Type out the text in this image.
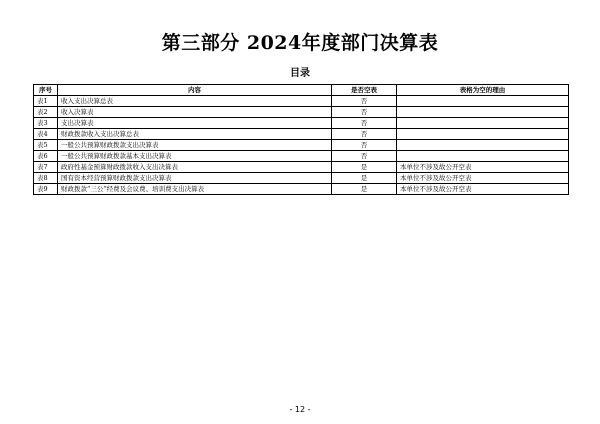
第三部分 2024年度部门决算表
目录
序号	内容	是否空表	表格为空的理由
表1	收入支出决算总表	否	
表2	收入决算表	否	
表3	支出决算表	否	
表4	财政拨款收入支出决算总表	否	
表5	一般公共预算财政拨款支出决算表	否	
表6	一般公共预算财政拨款基本支出决算表	否	
表7	政府性基金预算财政拨款收入支出决算表	是	本单位不涉及故公开空表
表8	国有资本经营预算财政拨款支出决算表	是	本单位不涉及故公开空表
表9	财政拨款“三公”经费及会议费、培训费支出决算表	是	本单位不涉及故公开空表
- 12 -
